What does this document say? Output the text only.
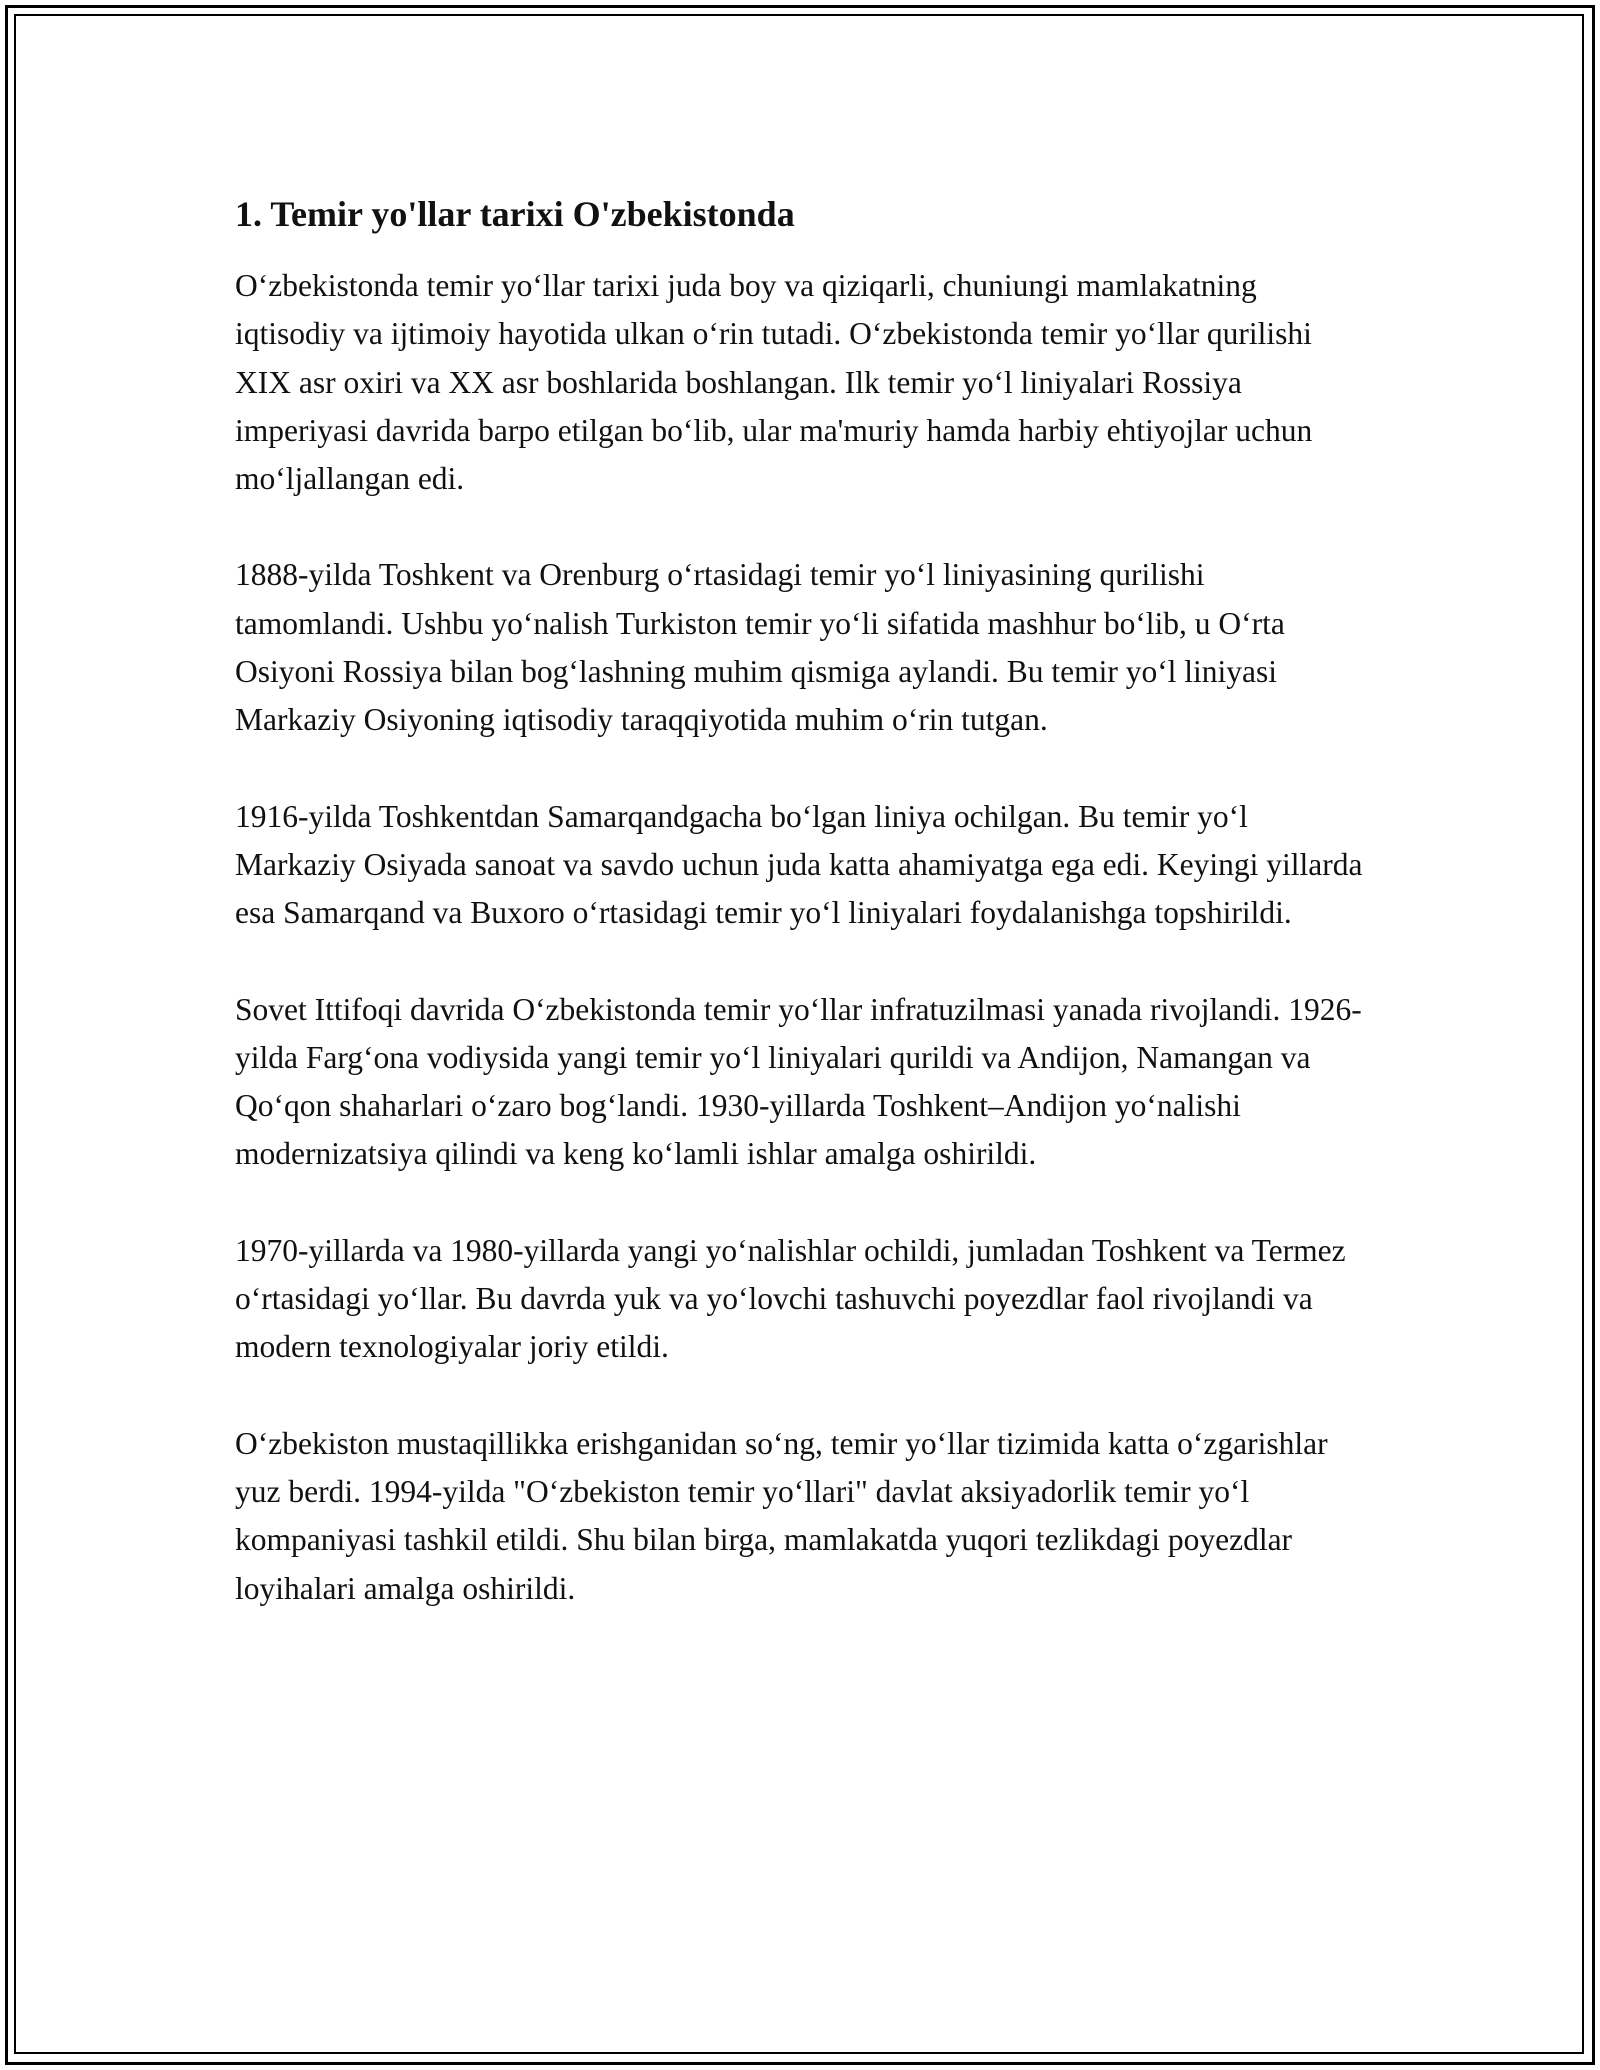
1. Temir yo'llar tarixi O'zbekistonda

O‘zbekistonda temir yo‘llar tarixi juda boy va qiziqarli, chuniungi mamlakatning iqtisodiy va ijtimoiy hayotida ulkan o‘rin tutadi. O‘zbekistonda temir yo‘llar qurilishi XIX asr oxiri va XX asr boshlarida boshlangan. Ilk temir yo‘l liniyalari Rossiya imperiyasi davrida barpo etilgan bo‘lib, ular ma'muriy hamda harbiy ehtiyojlar uchun mo‘ljallangan edi.

1888-yilda Toshkent va Orenburg o‘rtasidagi temir yo‘l liniyasining qurilishi tamomlandi. Ushbu yo‘nalish Turkiston temir yo‘li sifatida mashhur bo‘lib, u O‘rta Osiyoni Rossiya bilan bog‘lashning muhim qismiga aylandi. Bu temir yo‘l liniyasi Markaziy Osiyoning iqtisodiy taraqqiyotida muhim o‘rin tutgan.

1916-yilda Toshkentdan Samarqandgacha bo‘lgan liniya ochilgan. Bu temir yo‘l Markaziy Osiyada sanoat va savdo uchun juda katta ahamiyatga ega edi. Keyingi yillarda esa Samarqand va Buxoro o‘rtasidagi temir yo‘l liniyalari foydalanishga topshirildi.

Sovet Ittifoqi davrida O‘zbekistonda temir yo‘llar infratuzilmasi yanada rivojlandi. 1926-yilda Farg‘ona vodiysida yangi temir yo‘l liniyalari qurildi va Andijon, Namangan va Qo‘qon shaharlari o‘zaro bog‘landi. 1930-yillarda Toshkent–Andijon yo‘nalishi modernizatsiya qilindi va keng ko‘lamli ishlar amalga oshirildi.

1970-yillarda va 1980-yillarda yangi yo‘nalishlar ochildi, jumladan Toshkent va Termez o‘rtasidagi yo‘llar. Bu davrda yuk va yo‘lovchi tashuvchi poyezdlar faol rivojlandi va modern texnologiyalar joriy etildi.

O‘zbekiston mustaqillikka erishganidan so‘ng, temir yo‘llar tizimida katta o‘zgarishlar yuz berdi. 1994-yilda "O‘zbekiston temir yo‘llari" davlat aksiyadorlik temir yo‘l kompaniyasi tashkil etildi. Shu bilan birga, mamlakatda yuqori tezlikdagi poyezdlar loyihalari amalga oshirildi.
